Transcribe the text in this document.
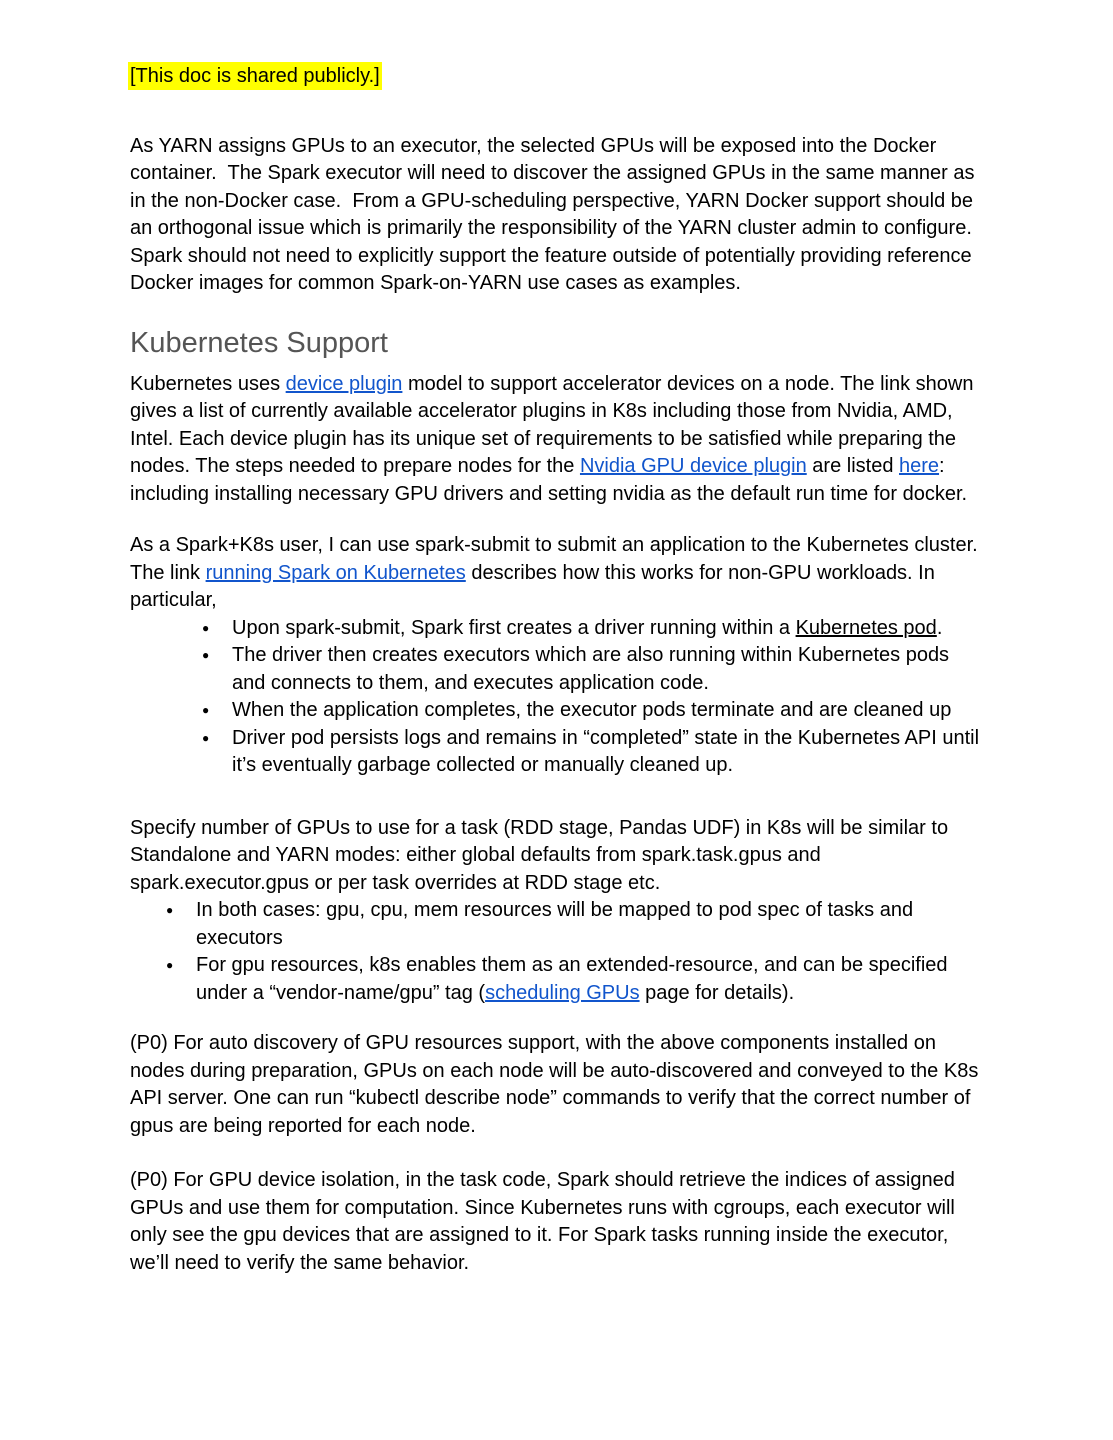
[This doc is shared publicly.]

As YARN assigns GPUs to an executor, the selected GPUs will be exposed into the Docker container.  The Spark executor will need to discover the assigned GPUs in the same manner as in the non-Docker case.  From a GPU-scheduling perspective, YARN Docker support should be an orthogonal issue which is primarily the responsibility of the YARN cluster admin to configure. Spark should not need to explicitly support the feature outside of potentially providing reference Docker images for common Spark-on-YARN use cases as examples.

Kubernetes Support

Kubernetes uses device plugin model to support accelerator devices on a node. The link shown gives a list of currently available accelerator plugins in K8s including those from Nvidia, AMD, Intel. Each device plugin has its unique set of requirements to be satisfied while preparing the nodes. The steps needed to prepare nodes for the Nvidia GPU device plugin are listed here: including installing necessary GPU drivers and setting nvidia as the default run time for docker.

As a Spark+K8s user, I can use spark-submit to submit an application to the Kubernetes cluster. The link running Spark on Kubernetes describes how this works for non-GPU workloads. In particular,

● Upon spark-submit, Spark first creates a driver running within a Kubernetes pod.
● The driver then creates executors which are also running within Kubernetes pods and connects to them, and executes application code.
● When the application completes, the executor pods terminate and are cleaned up
● Driver pod persists logs and remains in “completed” state in the Kubernetes API until it’s eventually garbage collected or manually cleaned up.

Specify number of GPUs to use for a task (RDD stage, Pandas UDF) in K8s will be similar to Standalone and YARN modes: either global defaults from spark.task.gpus and spark.executor.gpus or per task overrides at RDD stage etc.

● In both cases: gpu, cpu, mem resources will be mapped to pod spec of tasks and executors
● For gpu resources, k8s enables them as an extended-resource, and can be specified under a “vendor-name/gpu” tag (scheduling GPUs page for details).

(P0) For auto discovery of GPU resources support, with the above components installed on nodes during preparation, GPUs on each node will be auto-discovered and conveyed to the K8s API server. One can run “kubectl describe node” commands to verify that the correct number of gpus are being reported for each node.

(P0) For GPU device isolation, in the task code, Spark should retrieve the indices of assigned GPUs and use them for computation. Since Kubernetes runs with cgroups, each executor will only see the gpu devices that are assigned to it. For Spark tasks running inside the executor, we’ll need to verify the same behavior.
